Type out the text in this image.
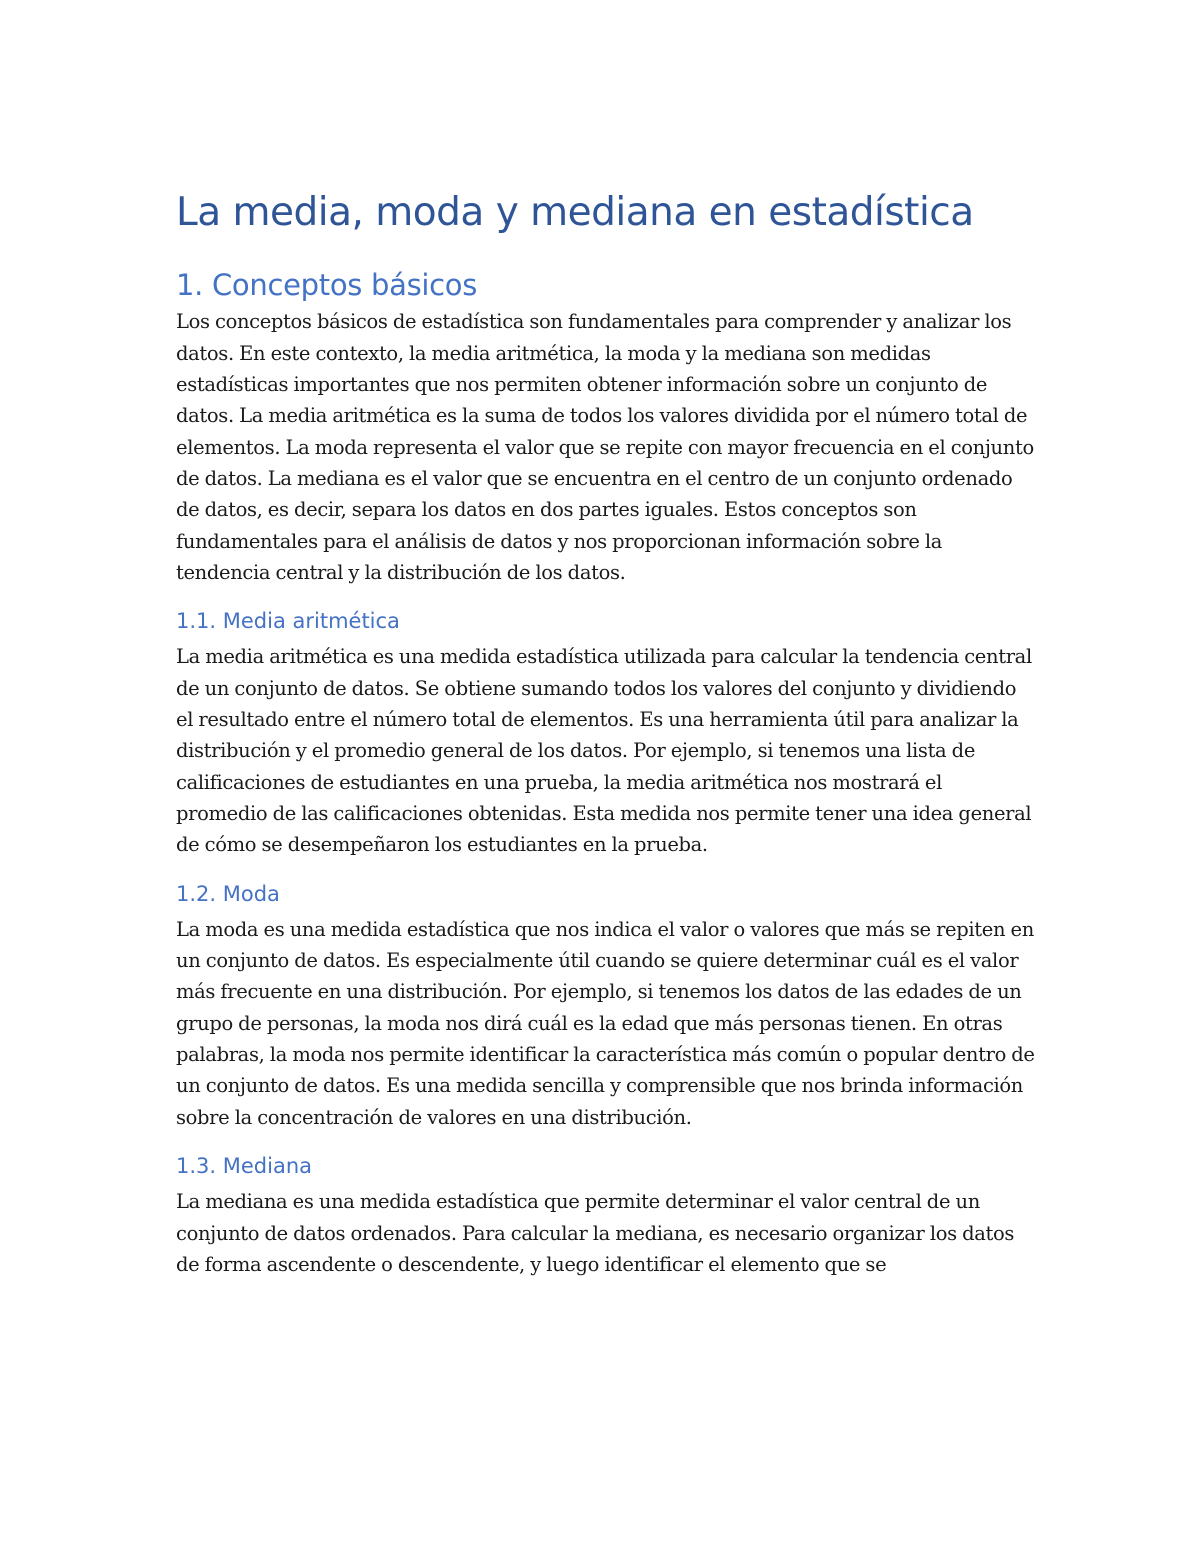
La media, moda y mediana en estadística
1. Conceptos básicos

Los conceptos básicos de estadística son fundamentales para comprender y analizar los datos. En este contexto, la media aritmética, la moda y la mediana son medidas estadísticas importantes que nos permiten obtener información sobre un conjunto de datos. La media aritmética es la suma de todos los valores dividida por el número total de elementos. La moda representa el valor que se repite con mayor frecuencia en el conjunto de datos. La mediana es el valor que se encuentra en el centro de un conjunto ordenado de datos, es decir, separa los datos en dos partes iguales. Estos conceptos son fundamentales para el análisis de datos y nos proporcionan información sobre la tendencia central y la distribución de los datos.

1.1. Media aritmética

La media aritmética es una medida estadística utilizada para calcular la tendencia central de un conjunto de datos. Se obtiene sumando todos los valores del conjunto y dividiendo el resultado entre el número total de elementos. Es una herramienta útil para analizar la distribución y el promedio general de los datos. Por ejemplo, si tenemos una lista de calificaciones de estudiantes en una prueba, la media aritmética nos mostrará el promedio de las calificaciones obtenidas. Esta medida nos permite tener una idea general de cómo se desempeñaron los estudiantes en la prueba.

1.2. Moda

La moda es una medida estadística que nos indica el valor o valores que más se repiten en un conjunto de datos. Es especialmente útil cuando se quiere determinar cuál es el valor más frecuente en una distribución. Por ejemplo, si tenemos los datos de las edades de un grupo de personas, la moda nos dirá cuál es la edad que más personas tienen. En otras palabras, la moda nos permite identificar la característica más común o popular dentro de un conjunto de datos. Es una medida sencilla y comprensible que nos brinda información sobre la concentración de valores en una distribución.

1.3. Mediana

La mediana es una medida estadística que permite determinar el valor central de un conjunto de datos ordenados. Para calcular la mediana, es necesario organizar los datos de forma ascendente o descendente, y luego identificar el elemento que se
